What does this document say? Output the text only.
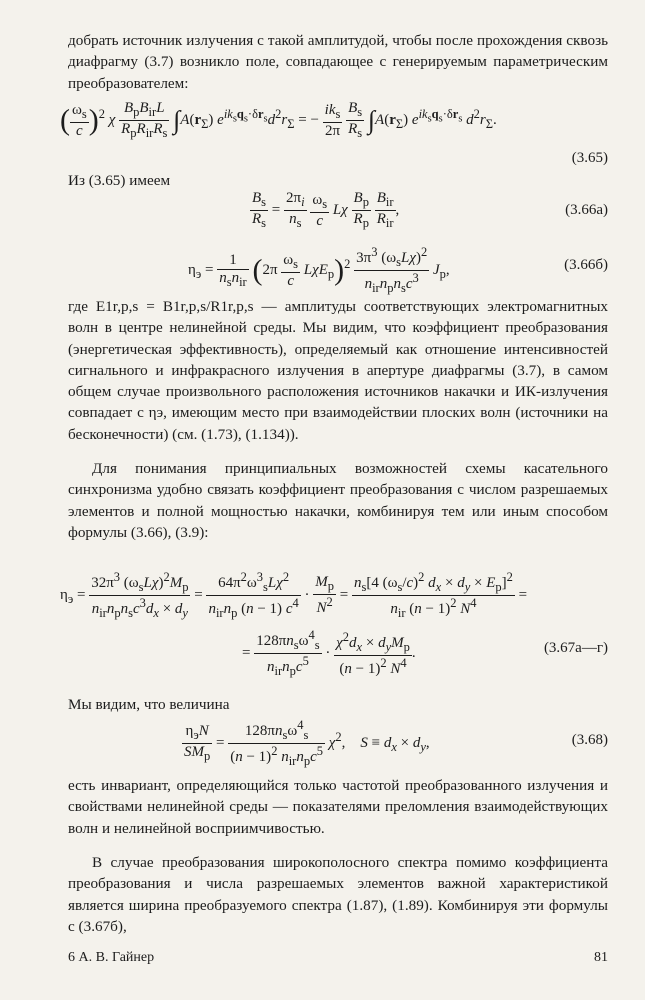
добрать источник излучения с такой амплитудой, чтобы после прохождения сквозь диафрагму (3.7) возникло поле, совпадающее с генерируемым параметрическим преобразователем:

( $\frac{\omega_s}{c} )^2$ χ $\frac{B_pB_{ir}L}{R_pR_{ir}R_s} \int A(r_\Sigma) e^{ik_sq_s\cdot\delta r_s}d^2r_\Sigma$ = − $\frac{ik_s}{2\pi}$
$\frac{B_s}{R_s} \int A(r_\Sigma)$ $e^{ik_sq_s\cdot\delta r_s}$ $d^2r_\Sigma$.
(3.65)

Из (3.65) имеем

$\frac{B_s}{R_s} = \frac{2\pi_i}{n_s}$
$\frac{\omega_s}{c}$ Lχ $\frac{B_p}{R_p}$
$\frac{B_{ir}}{R_{ir}}$ ,	(3.66а)
$\eta_э = \frac{1}{n_sn_{ir}} (2\pi \frac{\omega_s}{c} L\chi E_p)^2 \frac{3\pi^3 (\omega_sL\chi)^2}{n_{ir}n_pn_sc^3} J_p$,	(3.66б)

где E1r,p,s = B1r,p,s/R1r,p,s — амплитуды соответствующих электромагнитных волн в центре нелинейной среды. Мы видим, что коэффициент преобразования (энергетическая эффективность), определяемый как отношение интенсивностей сигнального и инфракрасного излучения в апертуре диафрагмы (3.7), в самом общем случае произвольного расположения источников накачки и ИК-излучения совпадает с ηэ, имеющим место при взаимодействии плоских волн (источники на бесконечности) (см. (1.73), (1.134)).

Для понимания принципиальных возможностей схемы касательного синхронизма удобно связать коэффициент преобразования с числом разрешаемых элементов и полной мощностью накачки, комбинируя тем или иным способом формулы (3.66), (3.9):

$\eta_э = \frac{32\pi^3 (\omega_sL\chi)^2M_p}{n_{ir}n_pn_sc^3d_x \times d_y} = \frac{64\pi^2\omega^3_sL\chi^2}{n_{ir}n_p (n - 1) c^4} \cdot \frac{M_p}{N^2} = \frac{n_s[4 (\omega_s/c)^2 d_x \times d_y \times E_p]^2}{n_{ir} (n - 1)^2 N^4}$ =
= $\frac{128\pi n_s\omega^4_s}{n_{ir}n_pc^5} \cdot \frac{\chi^2d_x \times d_yM_p}{(n - 1)^2 N^4}$ .	(3.67а—г)

Мы видим, что величина

$\frac{\eta_эN}{SM_p} = \frac{128\pi n_s\omega^4_s}{(n - 1)^2 n_{ir}n_pc^5} \chi^2$,    $S \equiv d_x \times d_y$,	(3.68)

есть инвариант, определяющийся только частотой преобразованного излучения и свойствами нелинейной среды — показателями преломления взаимодействующих волн и нелинейной восприимчивостью.

В случае преобразования широкополосного спектра помимо коэффициента преобразования и числа разрешаемых элементов важной характеристикой является ширина преобразуемого спектра (1.87), (1.89). Комбинируя эти формулы с (3.67б),

6 А. В. Гайнер	81
